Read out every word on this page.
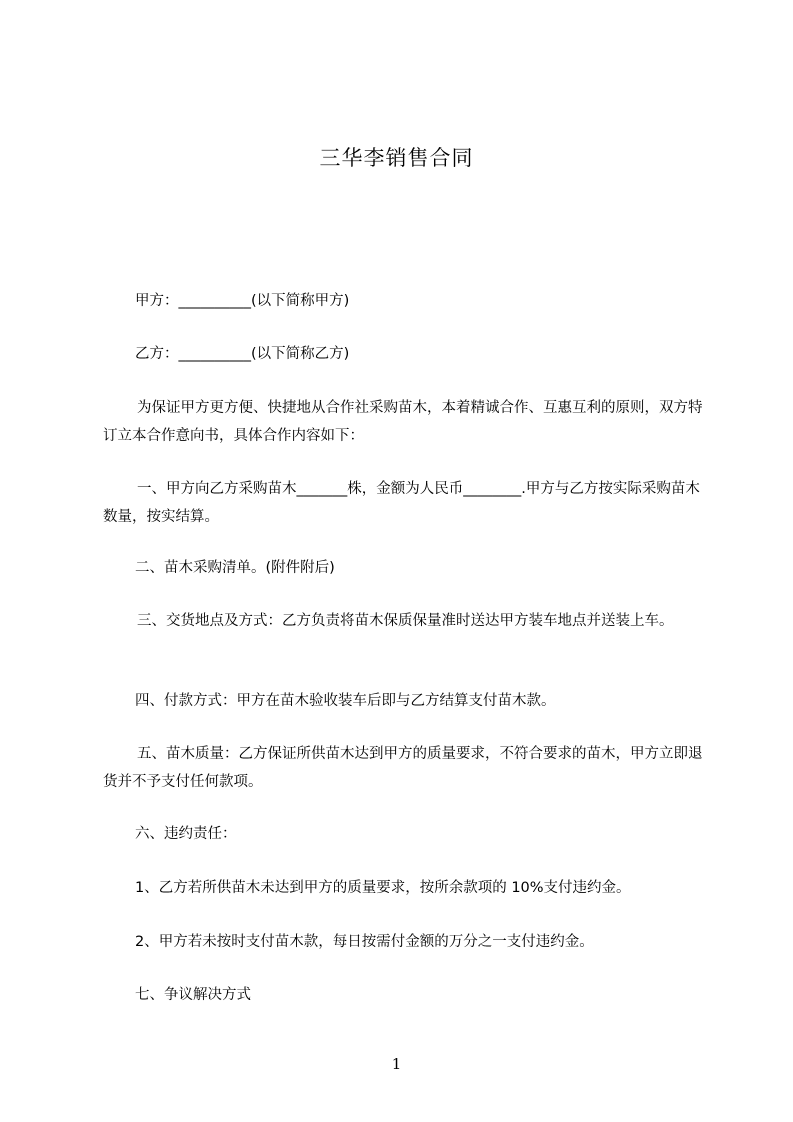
三华李销售合同
甲方：__________(以下简称甲方)
乙方：__________(以下简称乙方)
为保证甲方更方便、快捷地从合作社采购苗木，本着精诚合作、互惠互利的原则，双方特订立本合作意向书，具体合作内容如下：
一、甲方向乙方采购苗木_______株，金额为人民币________.甲方与乙方按实际采购苗木数量，按实结算。
二、苗木采购清单。(附件附后)
三、交货地点及方式：乙方负责将苗木保质保量准时送达甲方装车地点并送装上车。
四、付款方式：甲方在苗木验收装车后即与乙方结算支付苗木款。
五、苗木质量：乙方保证所供苗木达到甲方的质量要求，不符合要求的苗木，甲方立即退货并不予支付任何款项。
六、违约责任：
1、乙方若所供苗木未达到甲方的质量要求，按所余款项的 10%支付违约金。
2、甲方若未按时支付苗木款，每日按需付金额的万分之一支付违约金。
七、争议解决方式
1
